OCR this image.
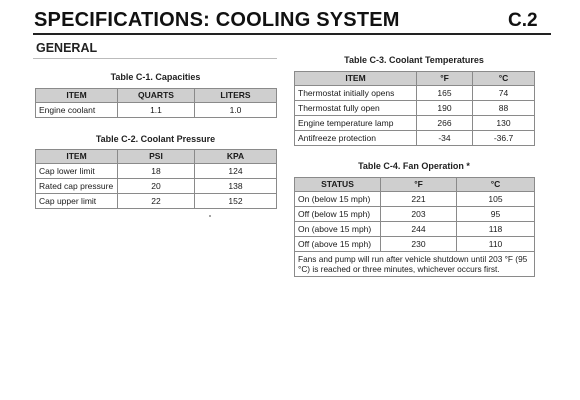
SPECIFICATIONS: COOLING SYSTEM	C.2
GENERAL
Table C-1. Capacities
ITEM	QUARTS	LITERS
Engine coolant	1.1	1.0
Table C-2. Coolant Pressure
ITEM	PSI	KPA
Cap lower limit	18	124
Rated cap pressure	20	138
Cap upper limit	22	152
Table C-3. Coolant Temperatures
ITEM	°F	°C
Thermostat initially opens	165	74
Thermostat fully open	190	88
Engine temperature lamp	266	130
Antifreeze protection	-34	-36.7
Table C-4. Fan Operation *
STATUS	°F	°C
On (below 15 mph)	221	105
Off (below 15 mph)	203	95
On (above 15 mph)	244	118
Off (above 15 mph)	230	110
Fans and pump will run after vehicle shutdown until 203 °F (95 °C) is reached or three minutes, whichever occurs first.		
